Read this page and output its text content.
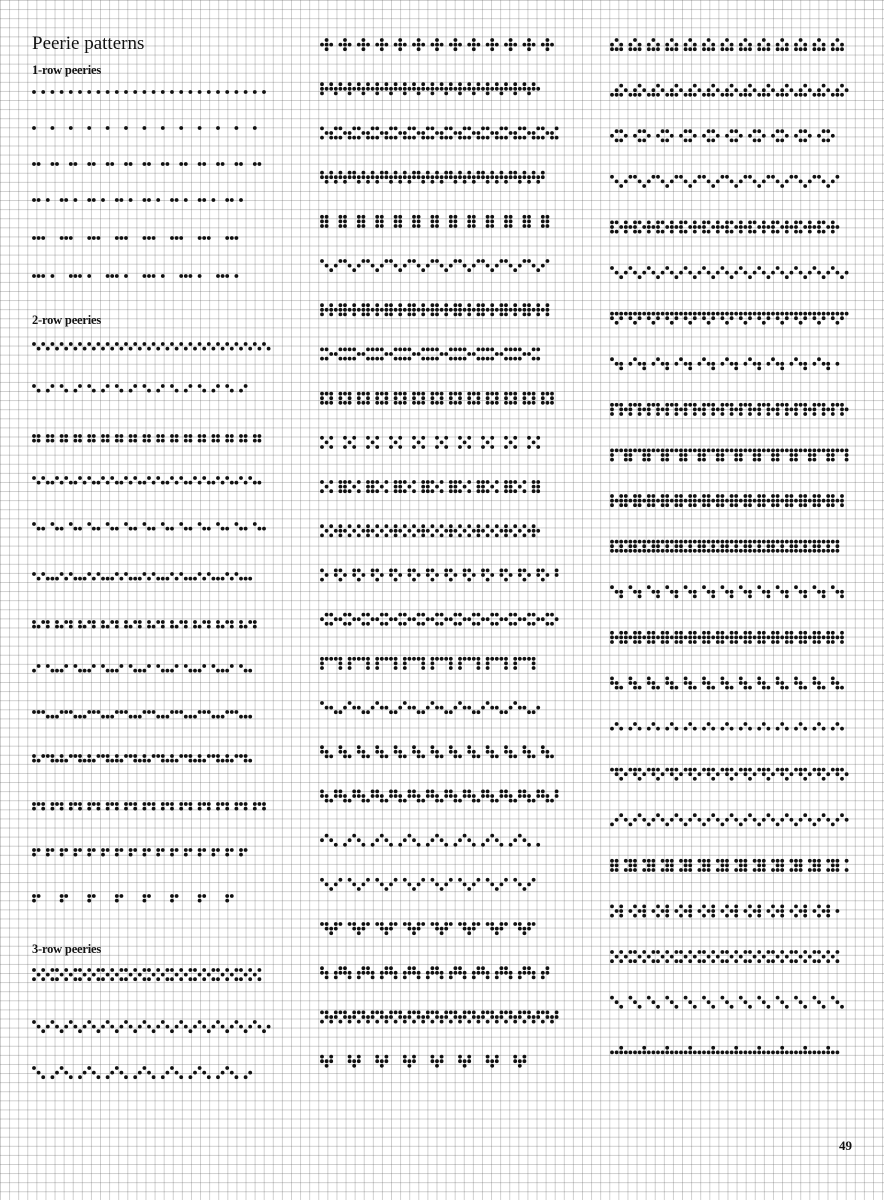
Peerie patterns
1-row peeries
2-row peeries
3-row peeries
49
